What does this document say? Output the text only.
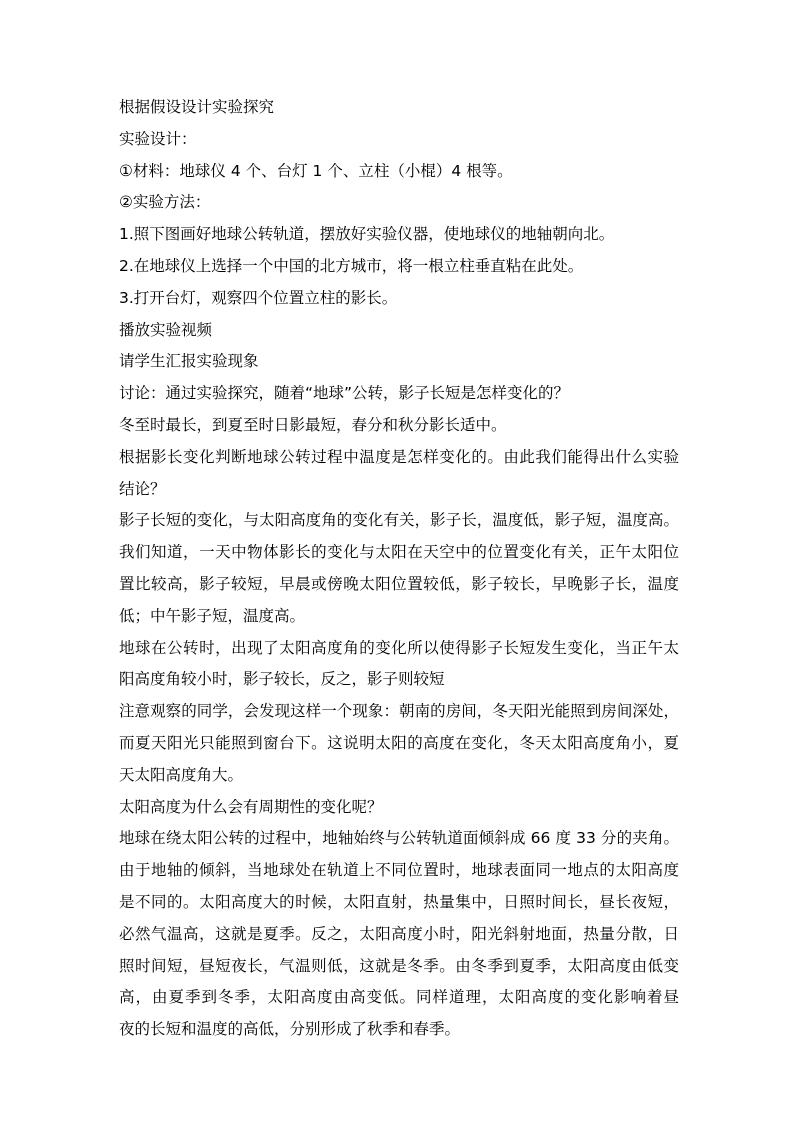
根据假设设计实验探究
实验设计：
①材料：地球仪 4 个、台灯 1 个、立柱（小棍）4 根等。
②实验方法：
1.照下图画好地球公转轨道，摆放好实验仪器，使地球仪的地轴朝向北。
2.在地球仪上选择一个中国的北方城市，将一根立柱垂直粘在此处。
3.打开台灯，观察四个位置立柱的影长。
播放实验视频
请学生汇报实验现象
讨论：通过实验探究，随着“地球”公转，影子长短是怎样变化的？
冬至时最长，到夏至时日影最短，春分和秋分影长适中。
根据影长变化判断地球公转过程中温度是怎样变化的。由此我们能得出什么实验
结论？
影子长短的变化，与太阳高度角的变化有关，影子长，温度低，影子短，温度高。
我们知道，一天中物体影长的变化与太阳在天空中的位置变化有关，正午太阳位
置比较高，影子较短，早晨或傍晚太阳位置较低，影子较长，早晚影子长，温度
低；中午影子短，温度高。
地球在公转时，出现了太阳高度角的变化所以使得影子长短发生变化，当正午太
阳高度角较小时，影子较长，反之，影子则较短
注意观察的同学，会发现这样一个现象：朝南的房间，冬天阳光能照到房间深处，
而夏天阳光只能照到窗台下。这说明太阳的高度在变化，冬天太阳高度角小，夏
天太阳高度角大。
太阳高度为什么会有周期性的变化呢？
地球在绕太阳公转的过程中，地轴始终与公转轨道面倾斜成 66 度 33 分的夹角。
由于地轴的倾斜，当地球处在轨道上不同位置时，地球表面同一地点的太阳高度
是不同的。太阳高度大的时候，太阳直射，热量集中，日照时间长，昼长夜短，
必然气温高，这就是夏季。反之，太阳高度小时，阳光斜射地面，热量分散，日
照时间短，昼短夜长，气温则低，这就是冬季。由冬季到夏季，太阳高度由低变
高，由夏季到冬季，太阳高度由高变低。同样道理，太阳高度的变化影响着昼
夜的长短和温度的高低，分别形成了秋季和春季。
